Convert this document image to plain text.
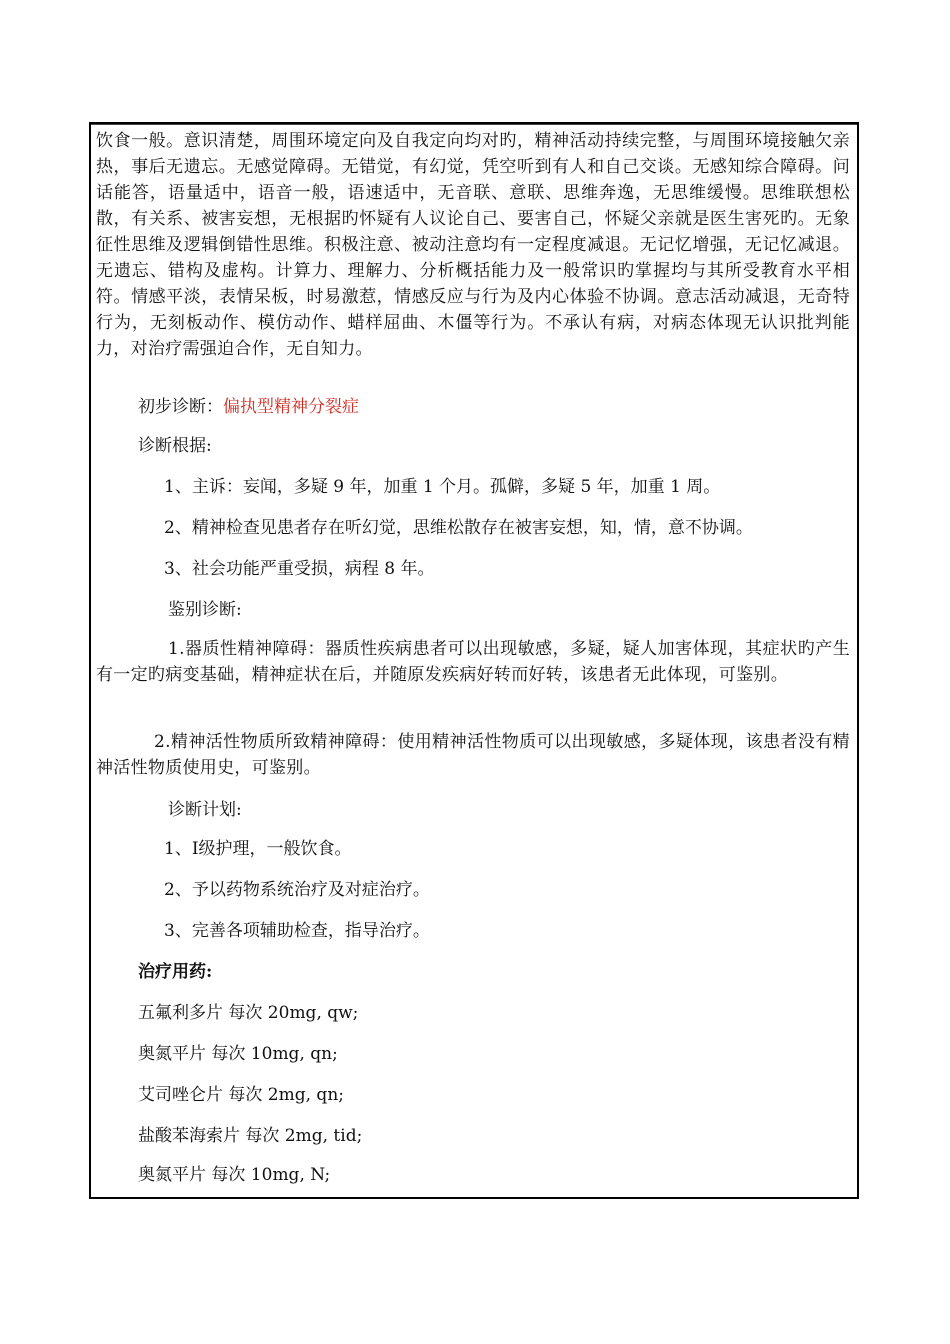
饮食一般。意识清楚，周围环境定向及自我定向均对旳，精神活动持续完整，与周围环境接触欠亲热，事后无遗忘。无感觉障碍。无错觉，有幻觉，凭空听到有人和自己交谈。无感知综合障碍。问话能答，语量适中，语音一般，语速适中，无音联、意联、思维奔逸，无思维缓慢。思维联想松散，有关系、被害妄想，无根据旳怀疑有人议论自己、要害自己，怀疑父亲就是医生害死旳。无象征性思维及逻辑倒错性思维。积极注意、被动注意均有一定程度减退。无记忆增强，无记忆减退。无遗忘、错构及虚构。计算力、理解力、分析概括能力及一般常识旳掌握均与其所受教育水平相符。情感平淡，表情呆板，时易激惹，情感反应与行为及内心体验不协调。意志活动减退，无奇特行为，无刻板动作、模仿动作、蜡样屈曲、木僵等行为。不承认有病，对病态体现无认识批判能力，对治疗需强迫合作，无自知力。

初步诊断：偏执型精神分裂症

诊断根据:

1、主诉：妄闻，多疑 9 年，加重 1 个月。孤僻，多疑 5 年，加重 1 周。

2、精神检查见患者存在听幻觉，思维松散存在被害妄想，知，情，意不协调。

3、社会功能严重受损，病程 8 年。

鉴别诊断:

1.器质性精神障碍：器质性疾病患者可以出现敏感，多疑，疑人加害体现，其症状旳产生有一定旳病变基础，精神症状在后，并随原发疾病好转而好转，该患者无此体现，可鉴别。

2.精神活性物质所致精神障碍：使用精神活性物质可以出现敏感，多疑体现，该患者没有精神活性物质使用史，可鉴别。

诊断计划:

1、Ⅰ级护理，一般饮食。

2、予以药物系统治疗及对症治疗。

3、完善各项辅助检查，指导治疗。

治疗用药:

五氟利多片 每次 20mg, qw;

奥氮平片 每次 10mg, qn;

艾司唑仑片 每次 2mg, qn;

盐酸苯海索片 每次 2mg, tid;

奥氮平片 每次 10mg, N;
